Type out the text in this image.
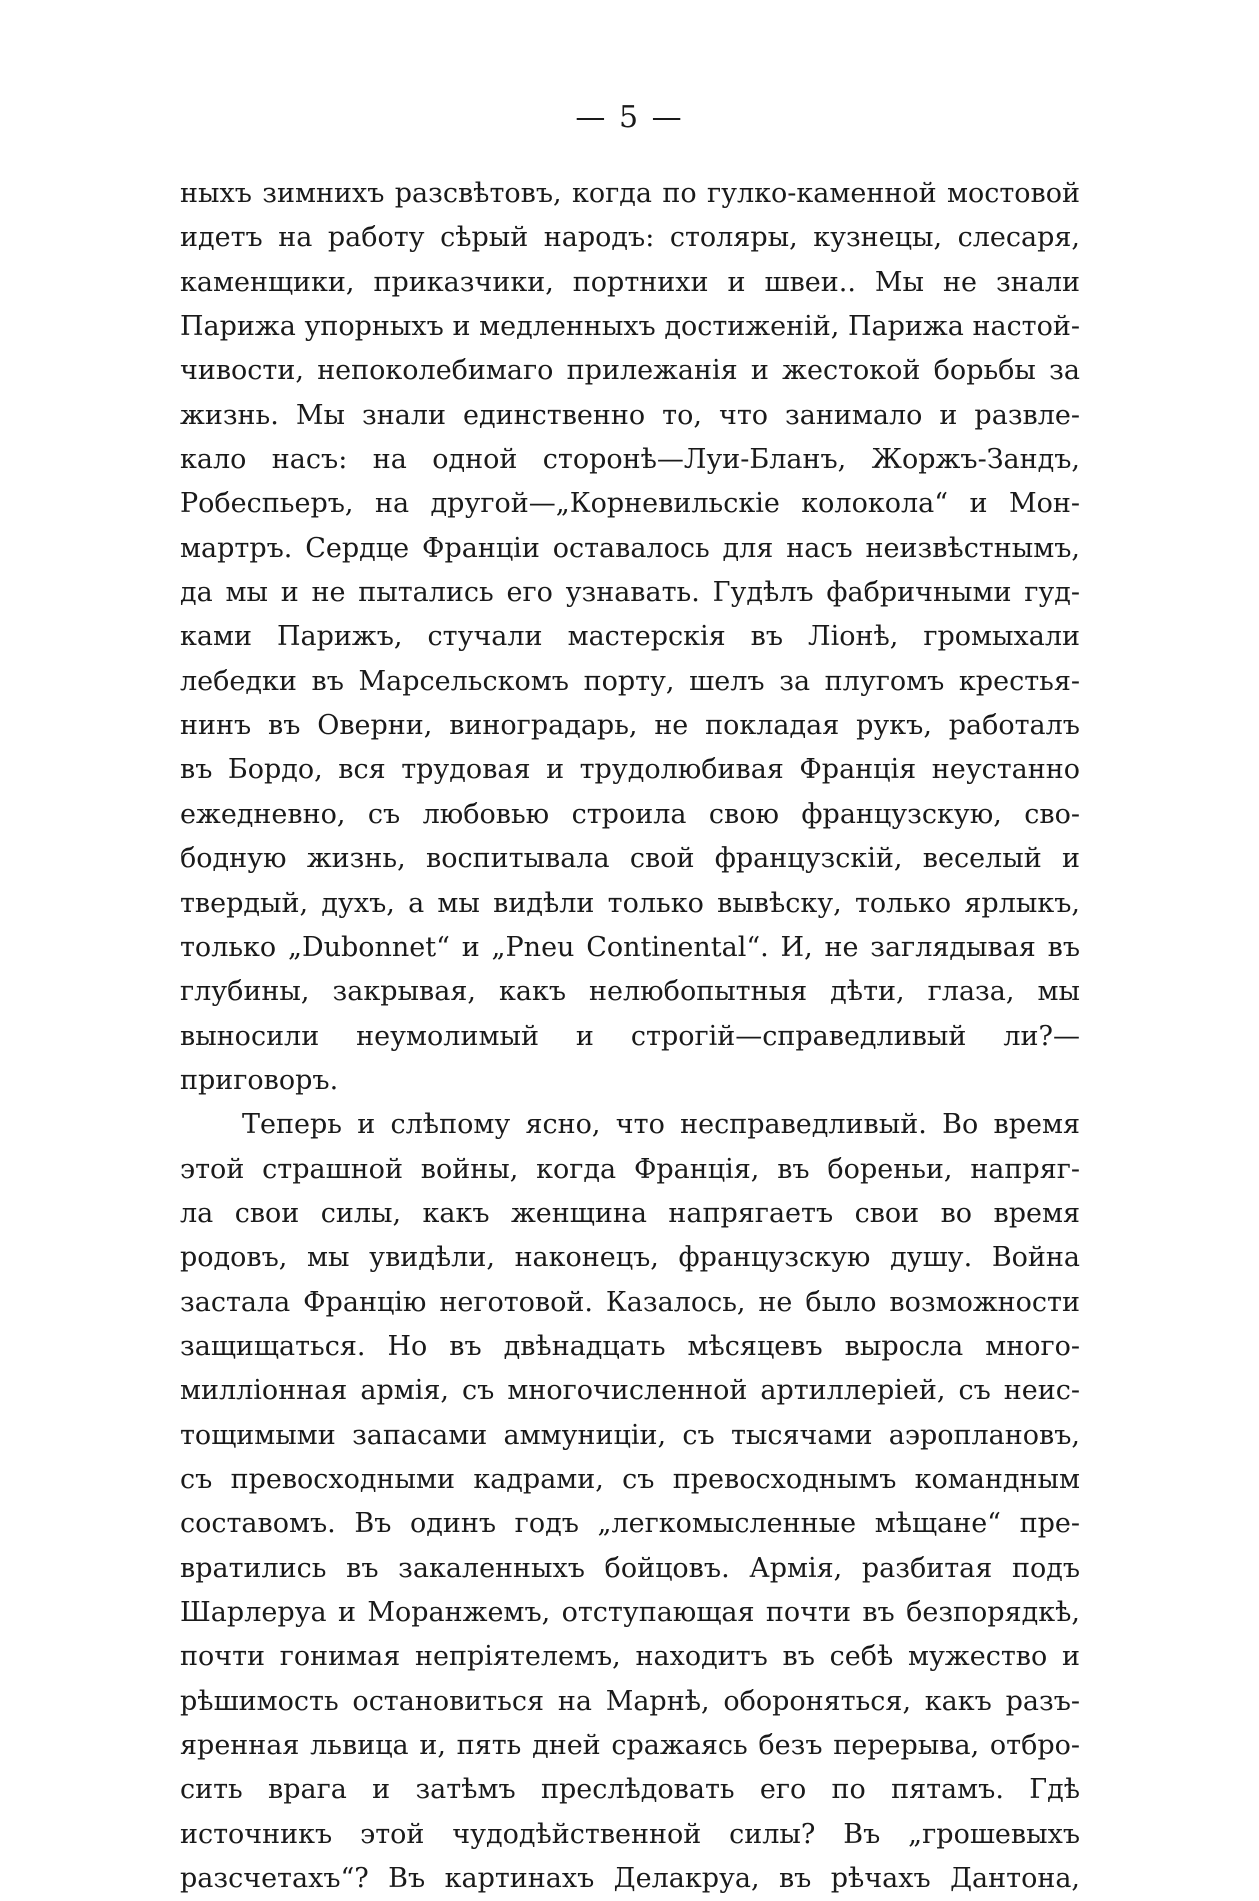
— 5 —
ныхъ зимнихъ разсвѣтовъ, когда по гулко-каменной мостовой
идетъ на работу сѣрый народъ: столяры, кузнецы, слесаря,
каменщики, приказчики, портнихи и швеи.. Мы не знали
Парижа упорныхъ и медленныхъ достиженій, Парижа настой-
чивости, непоколебимаго прилежанія и жестокой борьбы за
жизнь. Мы знали единственно то, что занимало и развле-
кало насъ: на одной сторонѣ—Луи-Бланъ, Жоржъ-Зандъ,
Робеспьеръ, на другой—„Корневильскіе колокола“ и Мон-
мартръ. Сердце Франціи оставалось для насъ неизвѣстнымъ,
да мы и не пытались его узнавать. Гудѣлъ фабричными гуд-
ками Парижъ, стучали мастерскія въ Ліонѣ, громыхали
лебедки въ Марсельскомъ порту, шелъ за плугомъ крестья-
нинъ въ Оверни, виноградарь, не покладая рукъ, работалъ
въ Бордо, вся трудовая и трудолюбивая Франція неустанно
ежедневно, съ любовью строила свою французскую, сво-
бодную жизнь, воспитывала свой французскій, веселый и
твердый, духъ, а мы видѣли только вывѣску, только ярлыкъ,
только „Dubonnet“ и „Pneu Continental“. И, не заглядывая въ
глубины, закрывая, какъ нелюбопытныя дѣти, глаза, мы
выносили неумолимый и строгій—справедливый ли?—
приговоръ.
Теперь и слѣпому ясно, что несправедливый. Во время
этой страшной войны, когда Франція, въ бореньи, напряг-
ла свои силы, какъ женщина напрягаетъ свои во время
родовъ, мы увидѣли, наконецъ, французскую душу. Война
застала Францію неготовой. Казалось, не было возможности
защищаться. Но въ двѣнадцать мѣсяцевъ выросла много-
милліонная армія, съ многочисленной артиллеріей, съ неис-
тощимыми запасами аммуниціи, съ тысячами аэроплановъ,
съ превосходными кадрами, съ превосходнымъ командным
составомъ. Въ одинъ годъ „легкомысленные мѣщане“ пре-
вратились въ закаленныхъ бойцовъ. Армія, разбитая подъ
Шарлеруа и Моранжемъ, отступающая почти въ безпорядкѣ,
почти гонимая непріятелемъ, находитъ въ себѣ мужество и
рѣшимость остановиться на Марнѣ, обороняться, какъ разъ-
яренная львица и, пять дней сражаясь безъ перерыва, отбро-
сить врага и затѣмъ преслѣдовать его по пятамъ. Гдѣ
источникъ этой чудодѣйственной силы? Въ „грошевыхъ
разсчетахъ“? Въ картинахъ Делакруа, въ рѣчахъ Дантона,
